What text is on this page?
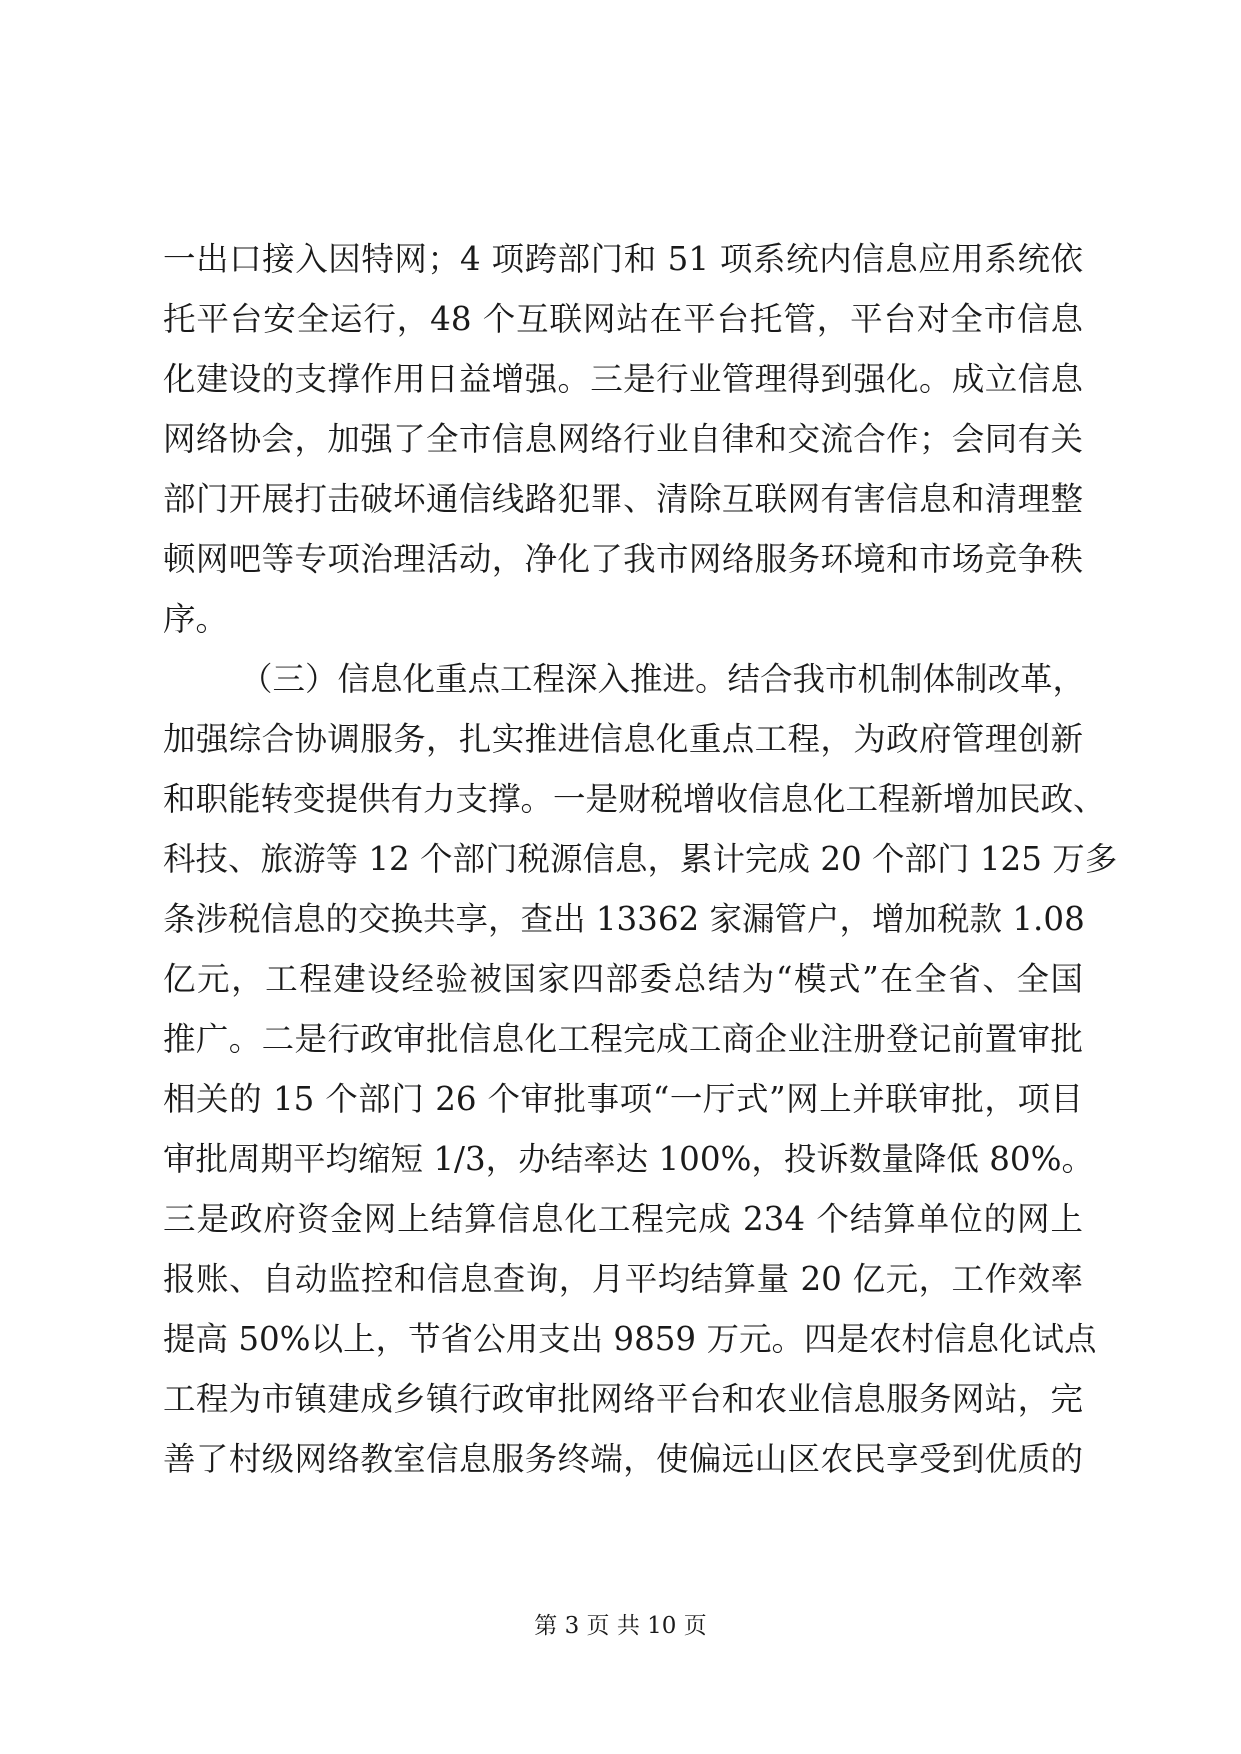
一出口接入因特网；4 项跨部门和 51 项系统内信息应用系统依
托平台安全运行，48 个互联网站在平台托管，平台对全市信息
化建设的支撑作用日益增强。三是行业管理得到强化。成立信息
网络协会，加强了全市信息网络行业自律和交流合作；会同有关
部门开展打击破坏通信线路犯罪、清除互联网有害信息和清理整
顿网吧等专项治理活动，净化了我市网络服务环境和市场竞争秩
序。
（三）信息化重点工程深入推进。结合我市机制体制改革，
加强综合协调服务，扎实推进信息化重点工程，为政府管理创新
和职能转变提供有力支撑。一是财税增收信息化工程新增加民政、
科技、旅游等 12 个部门税源信息，累计完成 20 个部门 125 万多
条涉税信息的交换共享，查出 13362 家漏管户，增加税款 1.08
亿元，工程建设经验被国家四部委总结为“模式”在全省、全国
推广。二是行政审批信息化工程完成工商企业注册登记前置审批
相关的 15 个部门 26 个审批事项“一厅式”网上并联审批，项目
审批周期平均缩短 1/3，办结率达 100%，投诉数量降低 80%。
三是政府资金网上结算信息化工程完成 234 个结算单位的网上
报账、自动监控和信息查询，月平均结算量 20 亿元，工作效率
提高 50%以上，节省公用支出 9859 万元。四是农村信息化试点
工程为市镇建成乡镇行政审批网络平台和农业信息服务网站，完
善了村级网络教室信息服务终端，使偏远山区农民享受到优质的
第 3 页 共 10 页
